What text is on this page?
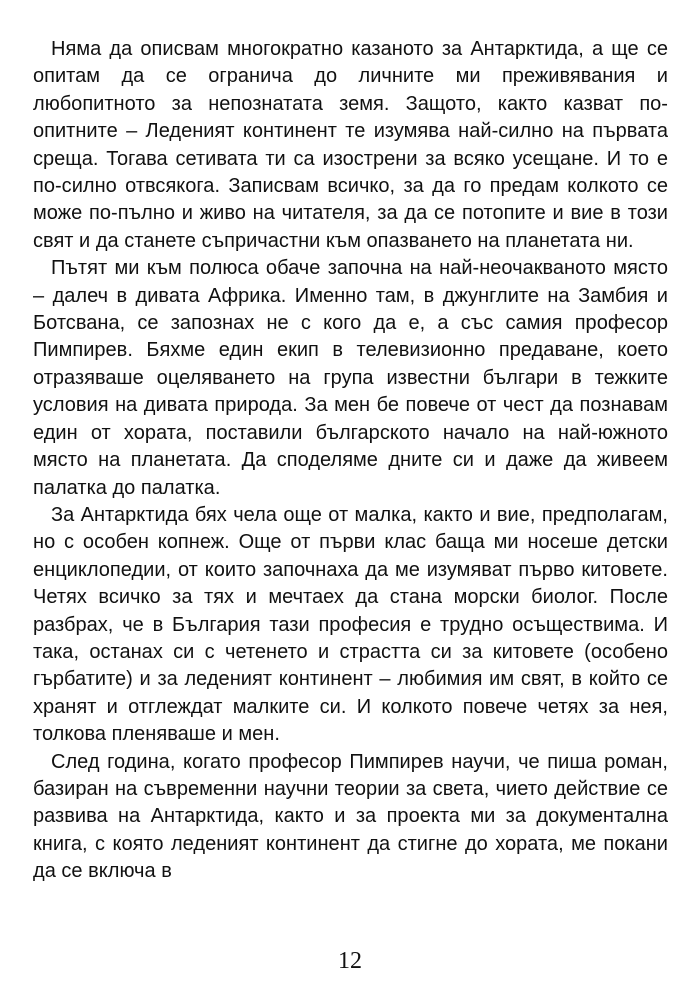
Няма да описвам многократно казаното за Антарктида, а ще се опитам да се огранича до личните ми преживявания и любопитното за непознатата земя. Защото, както казват по-опитните – Леденият континент те изумява най-силно на първата среща. Тогава сетивата ти са изострени за всяко усещане. И то е по-силно отвсякога. Записвам всичко, за да го предам колкото се може по-пълно и живо на читателя, за да се потопите и вие в този свят и да станете съпричастни към опазването на планетата ни.

Пътят ми към полюса обаче започна на най-неочакваното място – далеч в дивата Африка. Именно там, в джунглите на Замбия и Ботсвана, се запознах не с кого да е, а със самия професор Пимпирев. Бяхме един екип в телевизионно предаване, което отразяваше оцеляването на група известни българи в тежките условия на дивата природа. За мен бе повече от чест да познавам един от хората, поставили българското начало на най-южното място на планетата. Да споделяме дните си и даже да живеем палатка до палатка.

За Антарктида бях чела още от малка, както и вие, предполагам, но с особен копнеж. Още от първи клас баща ми носеше детски енциклопедии, от които започнаха да ме изумяват първо китовете. Четях всичко за тях и мечтаех да стана морски биолог. После разбрах, че в България тази професия е трудно осъществима. И така, останах си с четенето и страстта си за китовете (особено гърбатите) и за леденият континент – любимия им свят, в който се хранят и отглеждат малките си. И колкото повече четях за нея, толкова пленяваше и мен.

След година, когато професор Пимпирев научи, че пиша роман, базиран на съвременни научни теории за света, чието действие се развива на Антарктида, както и за проекта ми за документална книга, с която леденият континент да стигне до хората, ме покани да се включа в

12
